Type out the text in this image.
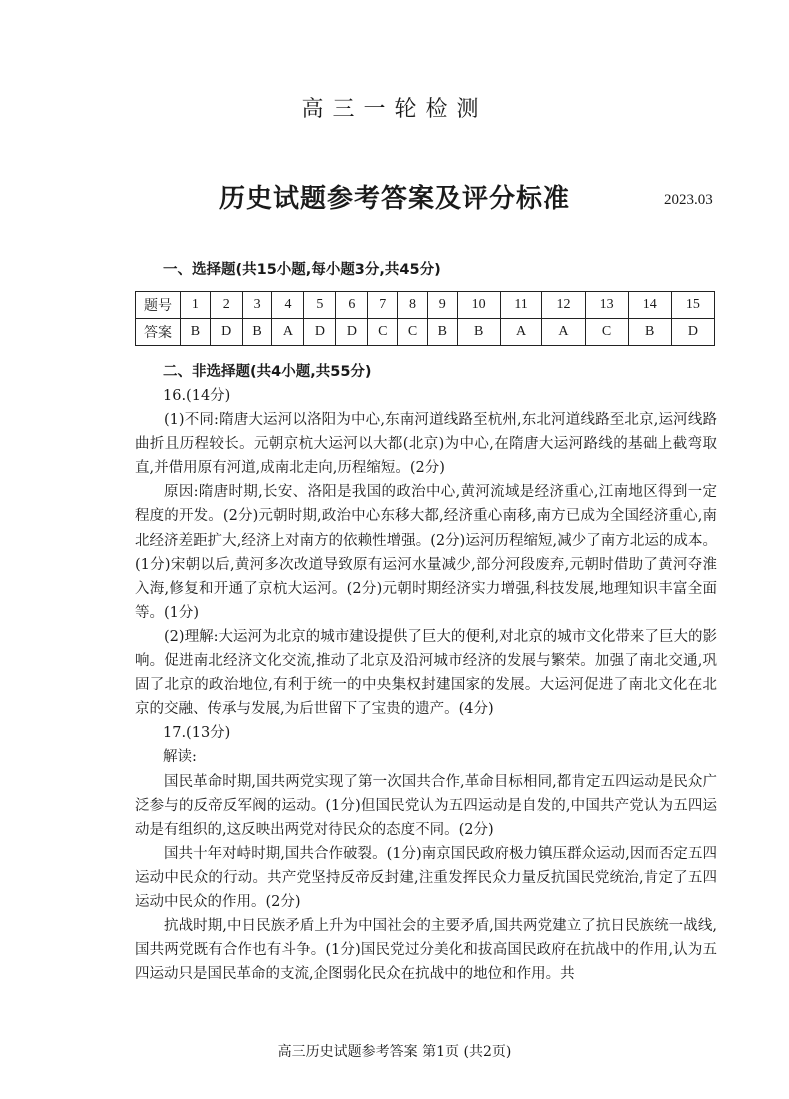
高三一轮检测
历史试题参考答案及评分标准	2023.03
一、选择题(共15小题,每小题3分,共45分)
题号	1	2	3	4	5	6	7	8	9	10	11	12	13	14	15
答案	B	D	B	A	D	D	C	C	B	B	A	A	C	B	D
二、非选择题(共4小题,共55分)

16.(14分)

(1)不同:隋唐大运河以洛阳为中心,东南河道线路至杭州,东北河道线路至北京,运河线路曲折且历程较长。元朝京杭大运河以大都(北京)为中心,在隋唐大运河路线的基础上截弯取直,并借用原有河道,成南北走向,历程缩短。(2分)

原因:隋唐时期,长安、洛阳是我国的政治中心,黄河流域是经济重心,江南地区得到一定程度的开发。(2分)元朝时期,政治中心东移大都,经济重心南移,南方已成为全国经济重心,南北经济差距扩大,经济上对南方的依赖性增强。(2分)运河历程缩短,减少了南方北运的成本。(1分)宋朝以后,黄河多次改道导致原有运河水量减少,部分河段废弃,元朝时借助了黄河夺淮入海,修复和开通了京杭大运河。(2分)元朝时期经济实力增强,科技发展,地理知识丰富全面等。(1分)

(2)理解:大运河为北京的城市建设提供了巨大的便利,对北京的城市文化带来了巨大的影响。促进南北经济文化交流,推动了北京及沿河城市经济的发展与繁荣。加强了南北交通,巩固了北京的政治地位,有利于统一的中央集权封建国家的发展。大运河促进了南北文化在北京的交融、传承与发展,为后世留下了宝贵的遗产。(4分)

17.(13分)

解读:

国民革命时期,国共两党实现了第一次国共合作,革命目标相同,都肯定五四运动是民众广泛参与的反帝反军阀的运动。(1分)但国民党认为五四运动是自发的,中国共产党认为五四运动是有组织的,这反映出两党对待民众的态度不同。(2分)

国共十年对峙时期,国共合作破裂。(1分)南京国民政府极力镇压群众运动,因而否定五四运动中民众的行动。共产党坚持反帝反封建,注重发挥民众力量反抗国民党统治,肯定了五四运动中民众的作用。(2分)

抗战时期,中日民族矛盾上升为中国社会的主要矛盾,国共两党建立了抗日民族统一战线,国共两党既有合作也有斗争。(1分)国民党过分美化和拔高国民政府在抗战中的作用,认为五四运动只是国民革命的支流,企图弱化民众在抗战中的地位和作用。共

高三历史试题参考答案 第1页 (共2页)
